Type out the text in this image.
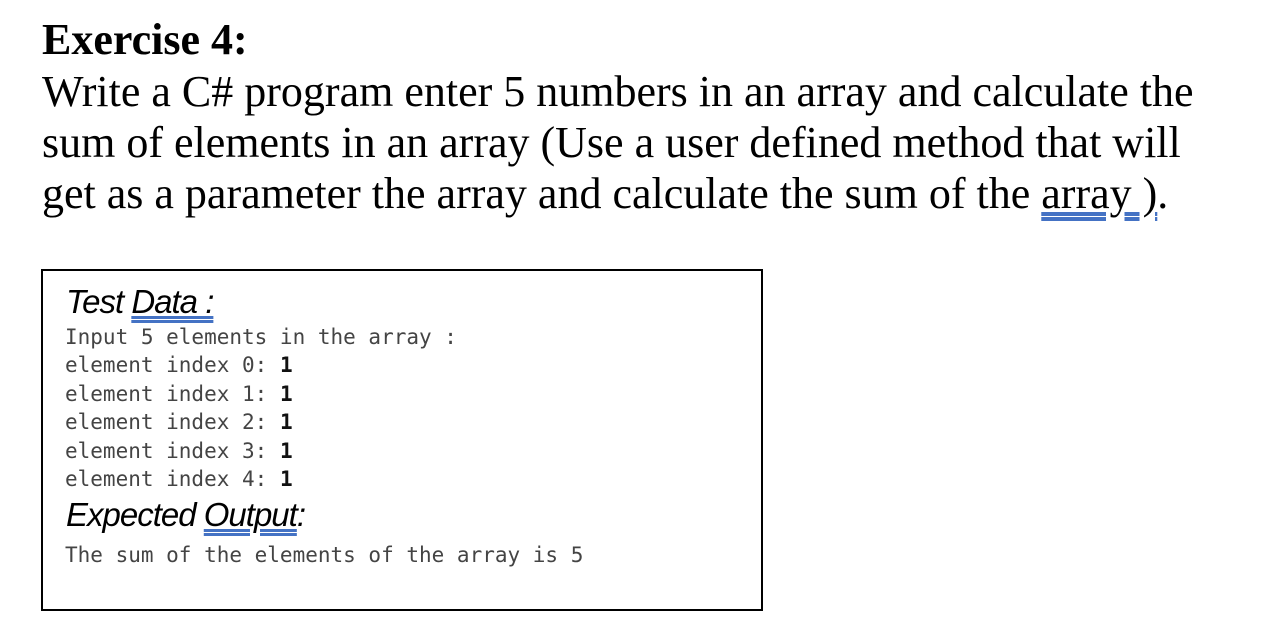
Exercise 4:

Write a C# program enter 5 numbers in an array and calculate the

sum of elements in an array (Use a user defined method that will

get as a parameter the array and calculate the sum of the array ).

Test Data :
Input 5 elements in the array :
element index 0: 1
element index 1: 1
element index 2: 1
element index 3: 1
element index 4: 1
Expected Output:
The sum of the elements of the array is 5
